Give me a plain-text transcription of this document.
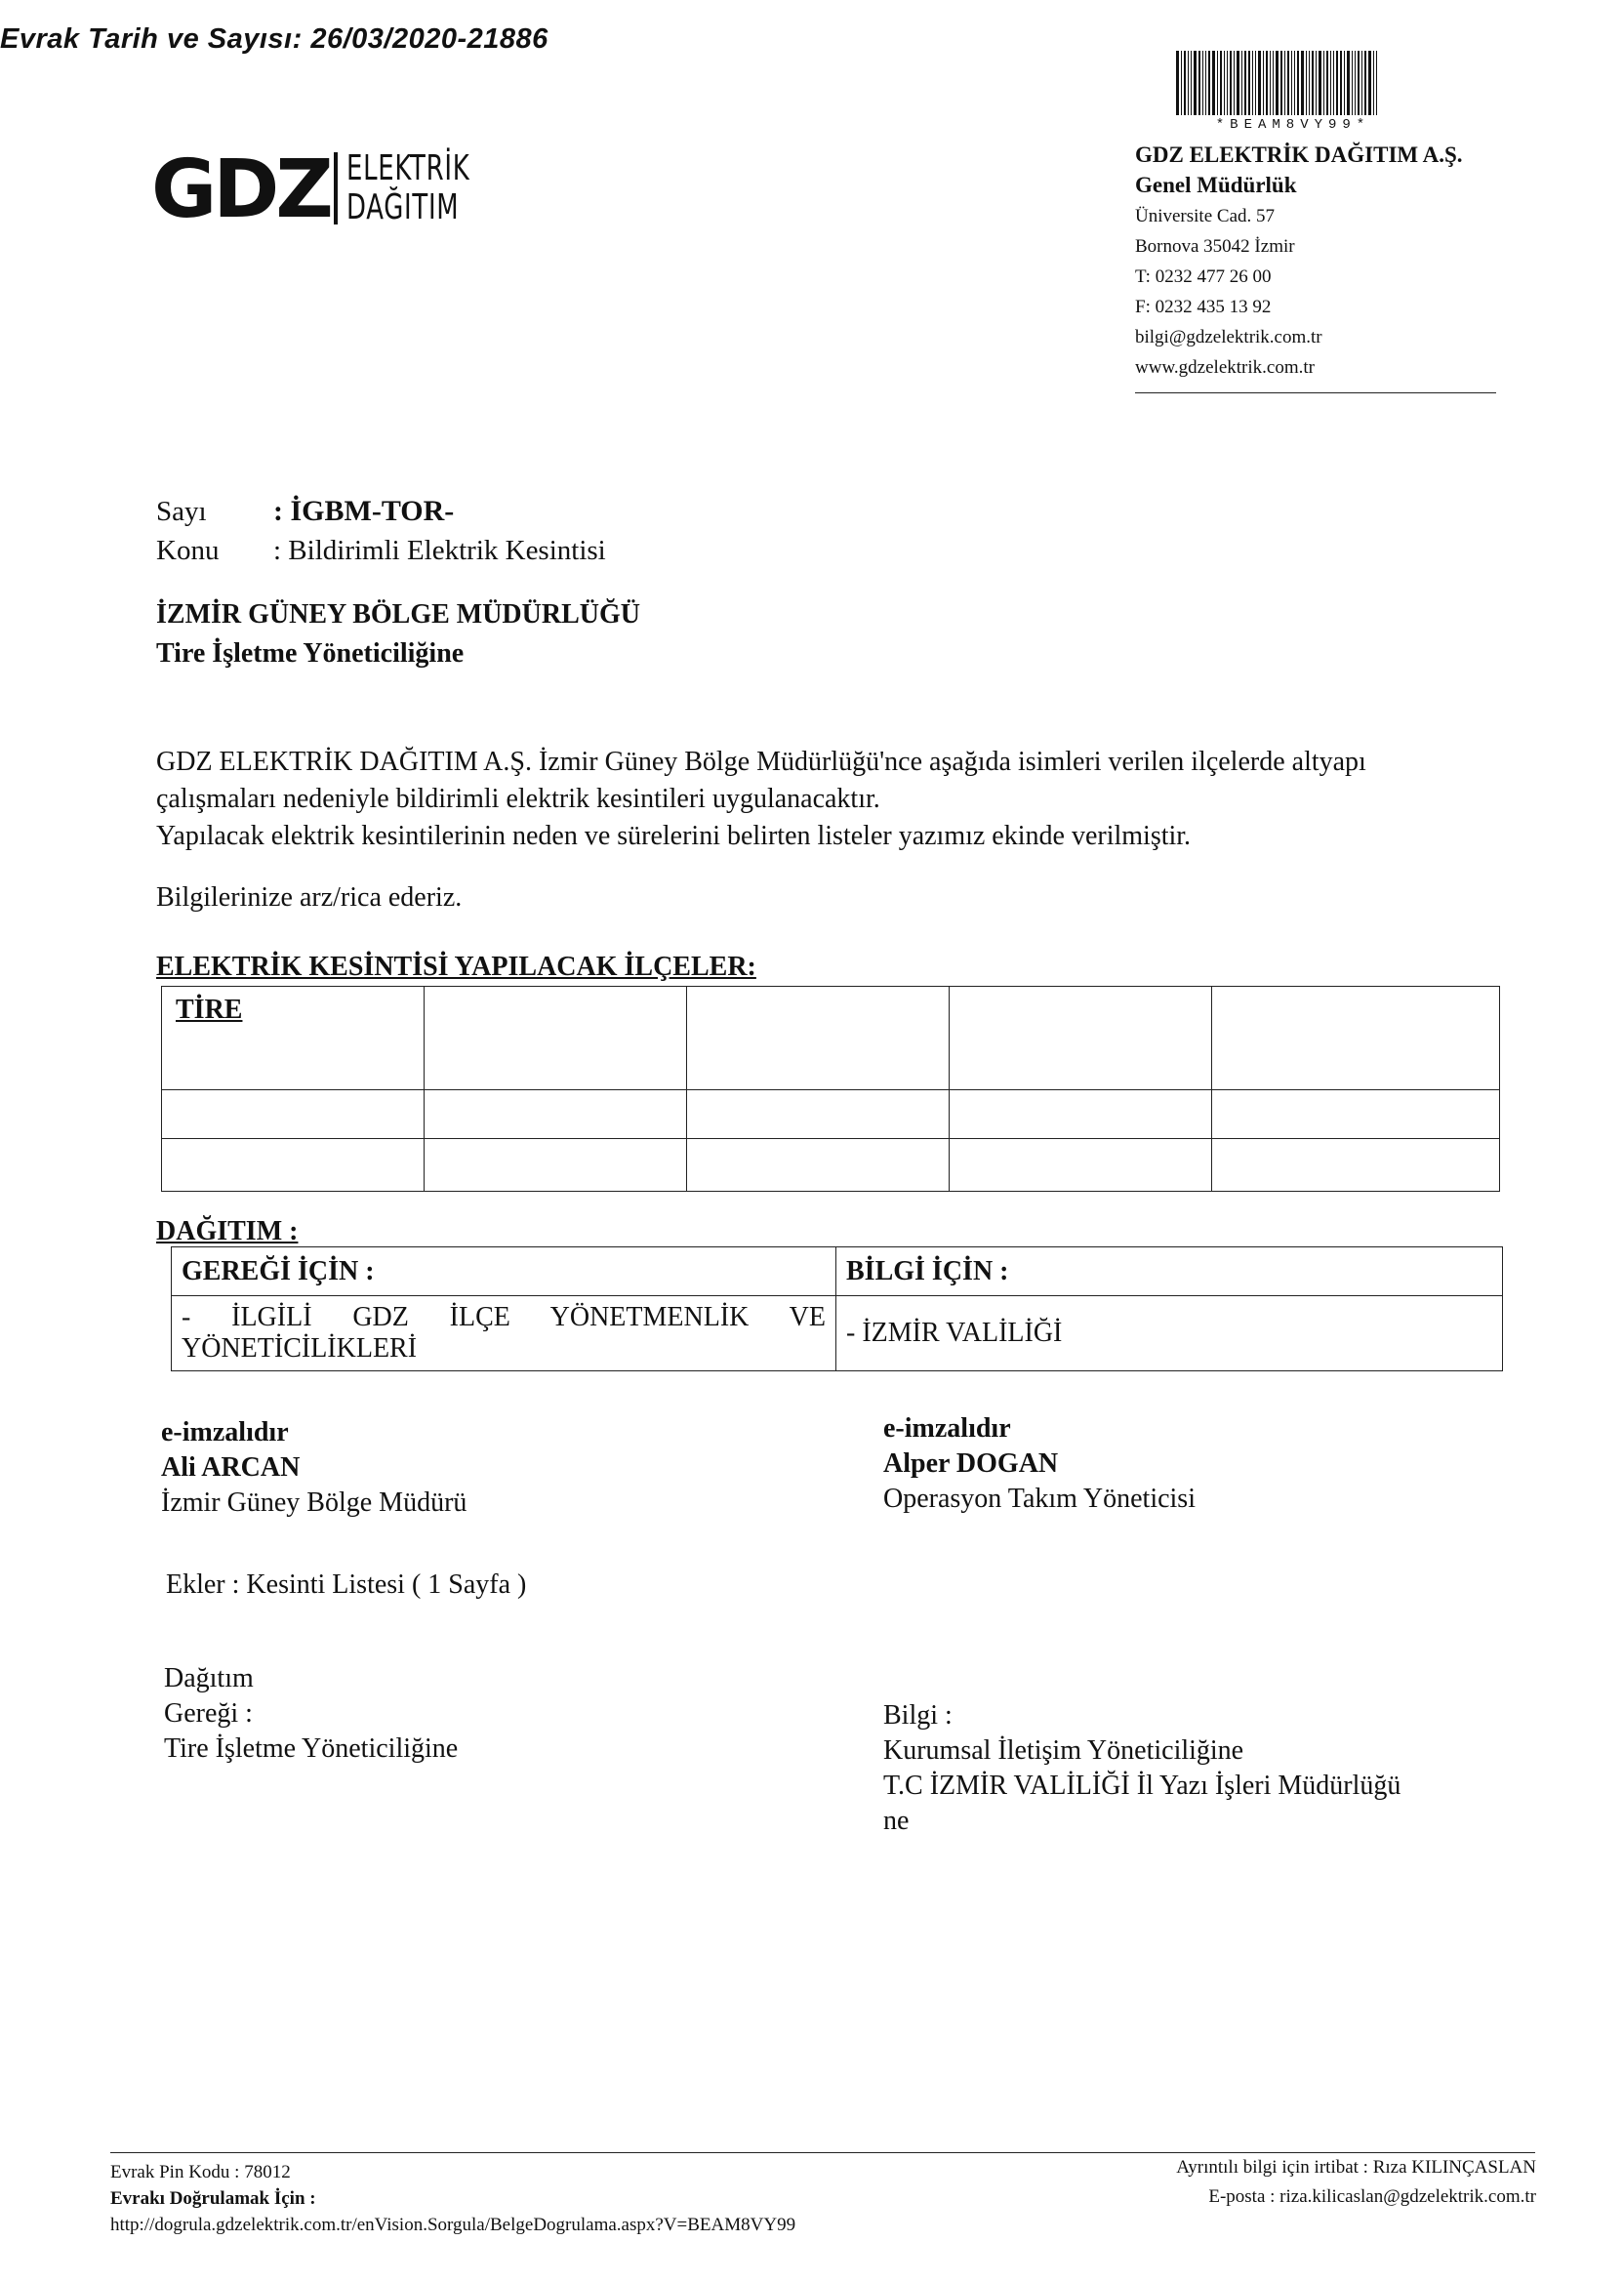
Evrak Tarih ve Sayısı: 26/03/2020-21886
*BEAM8VY99*
GDZ ELEKTRİK
DAĞITIM
GDZ ELEKTRİK DAĞITIM A.Ş.
Genel Müdürlük
Üniversite Cad. 57
Bornova 35042 İzmir
T: 0232 477 26 00
F: 0232 435 13 92
bilgi@gdzelektrik.com.tr
www.gdzelektrik.com.tr
Sayı : İGBM-TOR-
Konu : Bildirimli Elektrik Kesintisi
İZMİR GÜNEY BÖLGE MÜDÜRLÜĞÜ
Tire İşletme Yöneticiliğine

GDZ ELEKTRİK DAĞITIM A.Ş. İzmir Güney Bölge Müdürlüğü'nce aşağıda isimleri verilen ilçelerde altyapı çalışmaları nedeniyle bildirimli elektrik kesintileri uygulanacaktır.

Yapılacak elektrik kesintilerinin neden ve sürelerini belirten listeler yazımız ekinde verilmiştir.

Bilgilerinize arz/rica ederiz.
ELEKTRİK KESİNTİSİ YAPILACAK İLÇELER:
TİRE				

DAĞITIM :
GEREĞİ İÇİN :	BİLGİ İÇİN :
- İLGİLİ GDZ İLÇE YÖNETMENLİK VE YÖNETİCİLİKLERİ	- İZMİR VALİLİĞİ
e-imzalıdır
Ali ARCAN
İzmir Güney Bölge Müdürü
e-imzalıdır
Alper DOGAN
Operasyon Takım Yöneticisi
Ekler : Kesinti Listesi ( 1 Sayfa )
Dağıtım
Gereği :
Tire İşletme Yöneticiliğine
Bilgi :
Kurumsal İletişim Yöneticiliğine
T.C İZMİR VALİLİĞİ İl Yazı İşleri Müdürlüğü
ne
Evrak Pin Kodu : 78012
Evrakı Doğrulamak İçin :
http://dogrula.gdzelektrik.com.tr/enVision.Sorgula/BelgeDogrulama.aspx?V=BEAM8VY99
Ayrıntılı bilgi için irtibat : Rıza KILINÇASLAN
E-posta : riza.kilicaslan@gdzelektrik.com.tr
